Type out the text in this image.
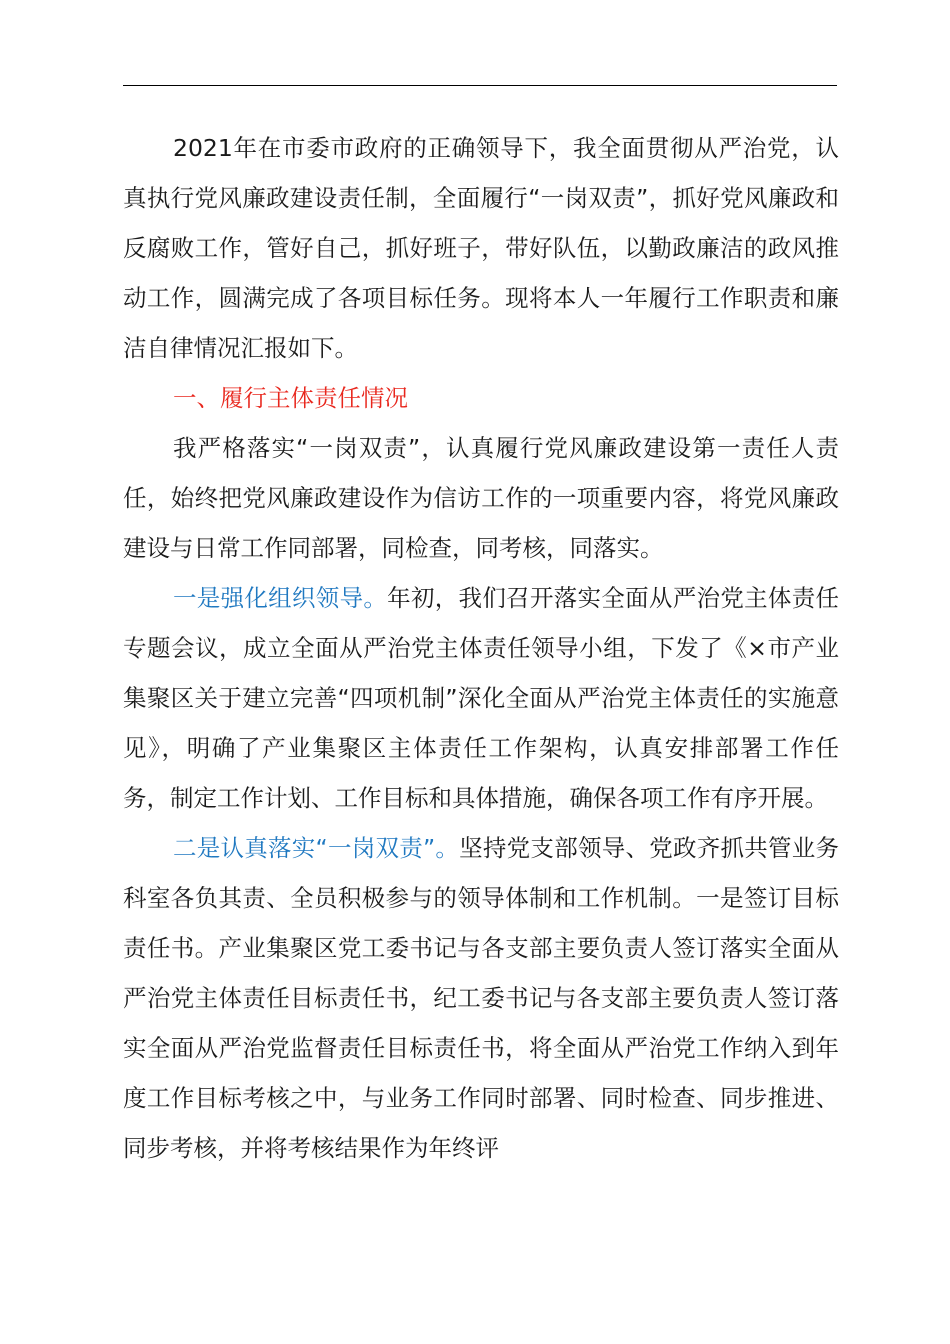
2021年在市委市政府的正确领导下，我全面贯彻从严治党，认真执行党风廉政建设责任制，全面履行“一岗双责”，抓好党风廉政和反腐败工作，管好自己，抓好班子，带好队伍，以勤政廉洁的政风推动工作，圆满完成了各项目标任务。现将本人一年履行工作职责和廉洁自律情况汇报如下。

一、履行主体责任情况

我严格落实“一岗双责”，认真履行党风廉政建设第一责任人责任，始终把党风廉政建设作为信访工作的一项重要内容，将党风廉政建设与日常工作同部署，同检查，同考核，同落实。

一是强化组织领导。年初，我们召开落实全面从严治党主体责任专题会议，成立全面从严治党主体责任领导小组，下发了《×市产业集聚区关于建立完善“四项机制”深化全面从严治党主体责任的实施意见》，明确了产业集聚区主体责任工作架构，认真安排部署工作任务，制定工作计划、工作目标和具体措施，确保各项工作有序开展。

二是认真落实“一岗双责”。坚持党支部领导、党政齐抓共管业务科室各负其责、全员积极参与的领导体制和工作机制。一是签订目标责任书。产业集聚区党工委书记与各支部主要负责人签订落实全面从严治党主体责任目标责任书，纪工委书记与各支部主要负责人签订落实全面从严治党监督责任目标责任书，将全面从严治党工作纳入到年度工作目标考核之中，与业务工作同时部署、同时检查、同步推进、同步考核，并将考核结果作为年终评
